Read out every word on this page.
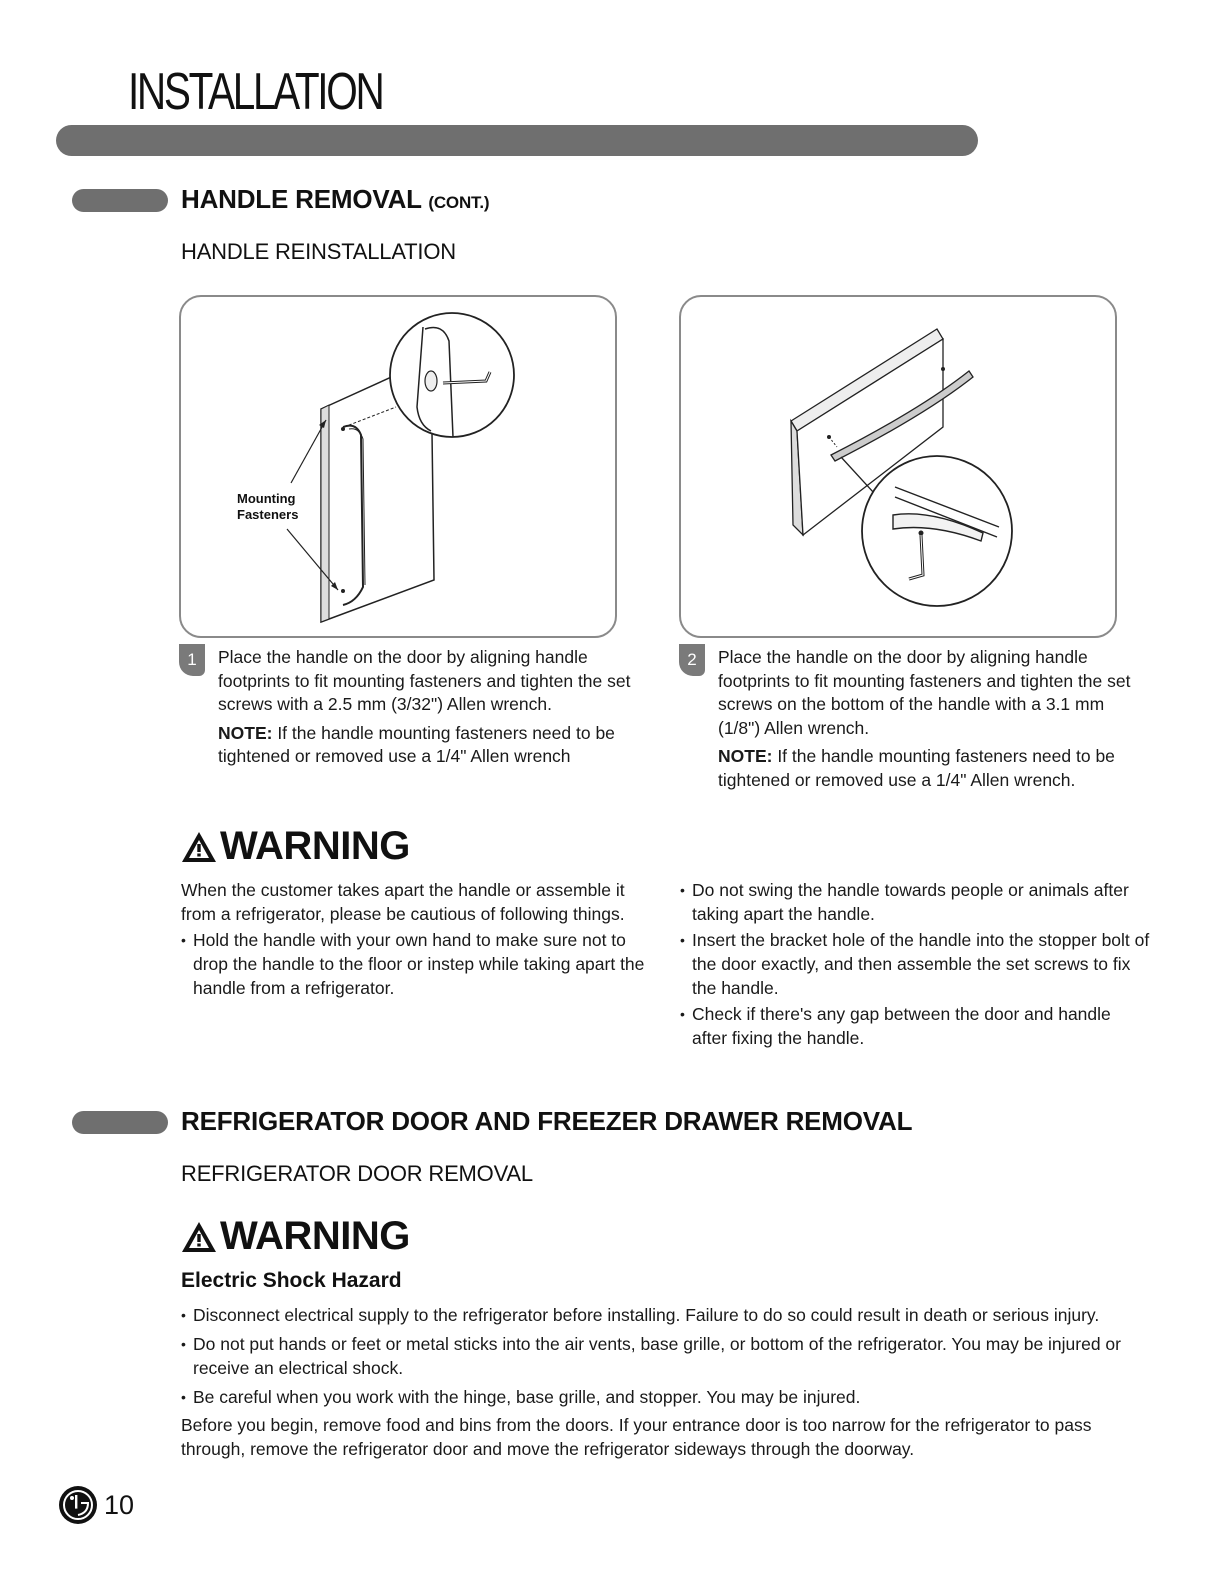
INSTALLATION
HANDLE REMOVAL (CONT.)
HANDLE REINSTALLATION
Mounting
Fasteners
1	Place the handle on the door by aligning handle footprints to fit mounting fasteners and tighten the set screws with a 2.5 mm (3/32") Allen wrench.

NOTE: If the handle mounting fasteners need to be tightened or removed use a 1/4" Allen wrench

2	Place the handle on the door by aligning handle footprints to fit mounting fasteners and tighten the set screws on the bottom of the handle with a 3.1 mm (1/8") Allen wrench.

NOTE: If the handle mounting fasteners need to be tightened or removed use a 1/4" Allen wrench.

WARNING

When the customer takes apart the handle or assemble it from a refrigerator, please be cautious of following things.

• Hold the handle with your own hand to make sure not to drop the handle to the floor or instep while taking apart the handle from a refrigerator.
• Do not swing the handle towards people or animals after taking apart the handle.
• Insert the bracket hole of the handle into the stopper bolt of the door exactly, and then assemble the set screws to fix the handle.
• Check if there's any gap between the door and handle after fixing the handle.
REFRIGERATOR DOOR AND FREEZER DRAWER REMOVAL
REFRIGERATOR DOOR REMOVAL
WARNING
Electric Shock Hazard
• Disconnect electrical supply to the refrigerator before installing. Failure to do so could result in death or serious injury.
• Do not put hands or feet or metal sticks into the air vents, base grille, or bottom of the refrigerator. You may be injured or receive an electrical shock.
• Be careful when you work with the hinge, base grille, and stopper. You may be injured.

Before you begin, remove food and bins from the doors. If your entrance door is too narrow for the refrigerator to pass through, remove the refrigerator door and move the refrigerator sideways through the doorway.

10
